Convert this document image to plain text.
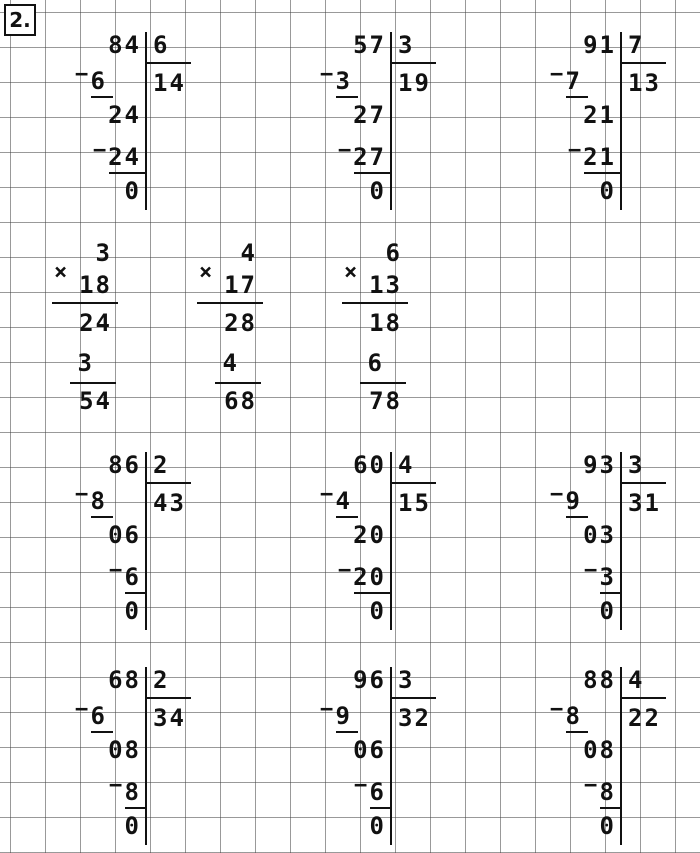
2.
84 6
14
− 6
24
− 24
0
57 3
19
− 3
27
− 27
0
91 7
13
− 7
21
− 21
0
86 2
43
− 8
06
− 6
0
60 4
15
− 4
20
− 20
0
93 3
31
− 9
03
− 3
0
68 2
34
− 6
08
− 8
0
96 3
32
− 9
06
− 6
0
88 4
22
− 8
08
− 8
0
3
× 18
24
3
54
4
× 17
28
4
68
6
× 13
18
6
78
